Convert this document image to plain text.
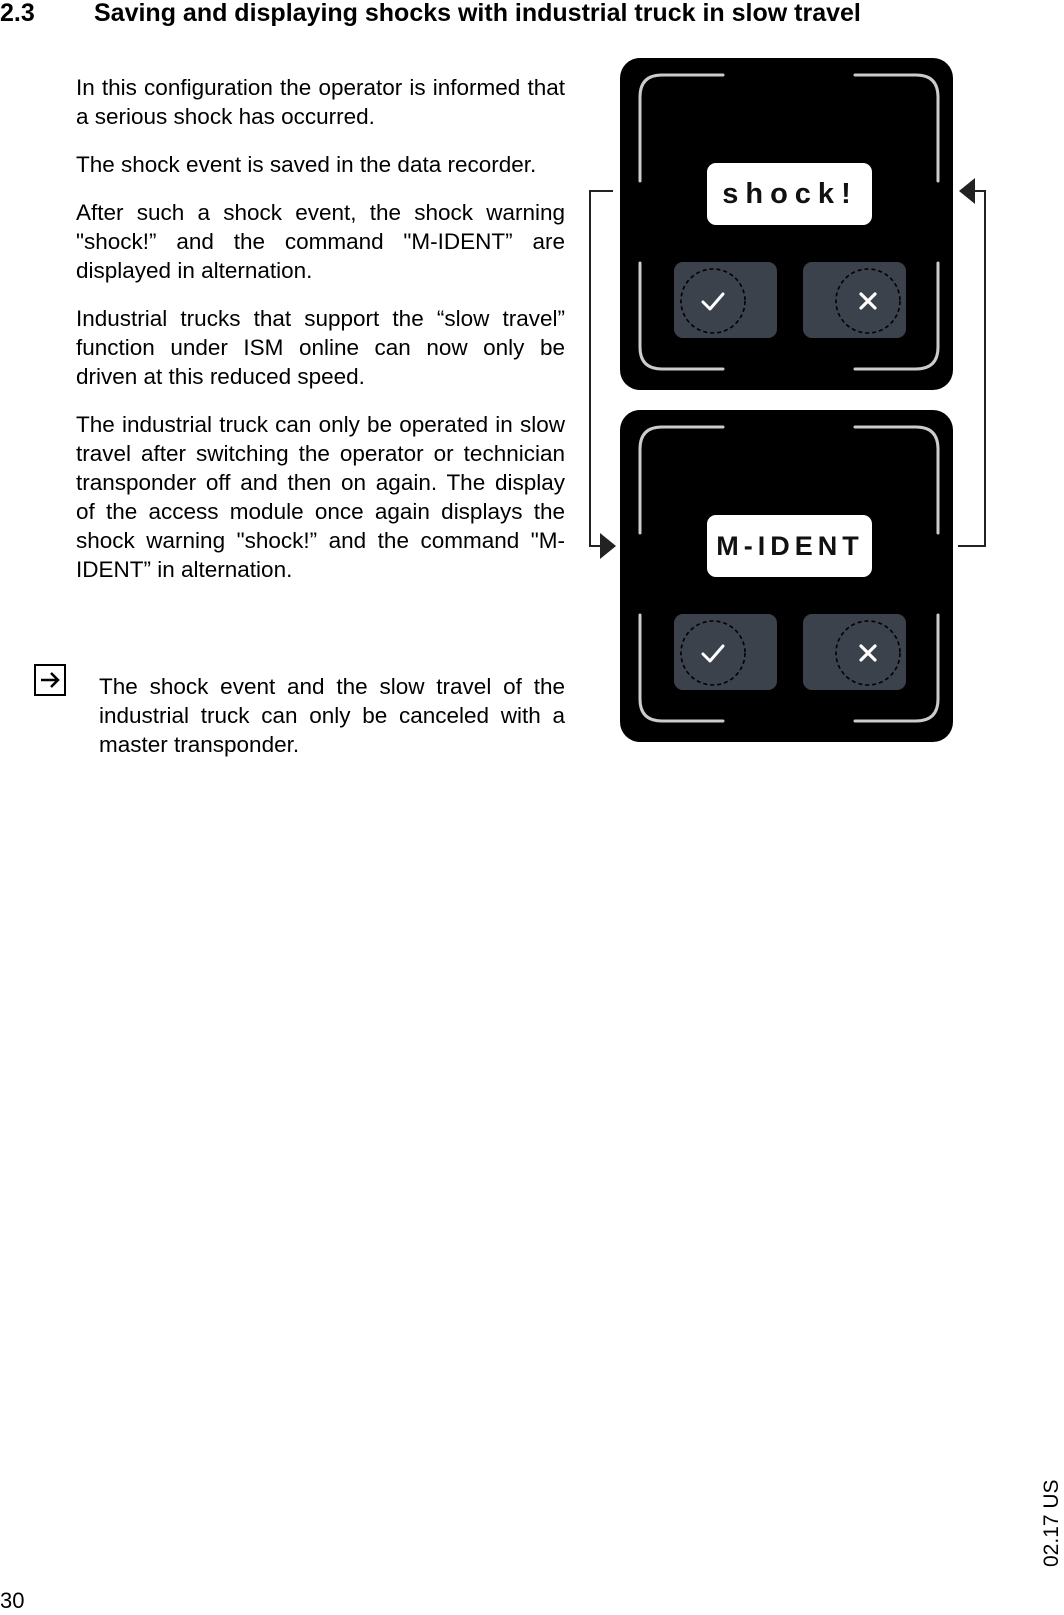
2.3 Saving and displaying shocks with industrial truck in slow travel

In this configuration the operator is informed that a serious shock has occurred.

The shock event is saved in the data recorder.

After such a shock event, the shock warning "shock!” and the command "M-IDENT” are displayed in alternation.

Industrial trucks that support the “slow travel” function under ISM online can now only be driven at this reduced speed.

The industrial truck can only be operated in slow travel after switching the operator or technician transponder off and then on again. The display of the access module once again displays the shock warning "shock!” and the command "M-IDENT” in alternation.

The shock event and the slow travel of the industrial truck can only be canceled with a master transponder.

shock!
M-IDENT
30
02.17 US
